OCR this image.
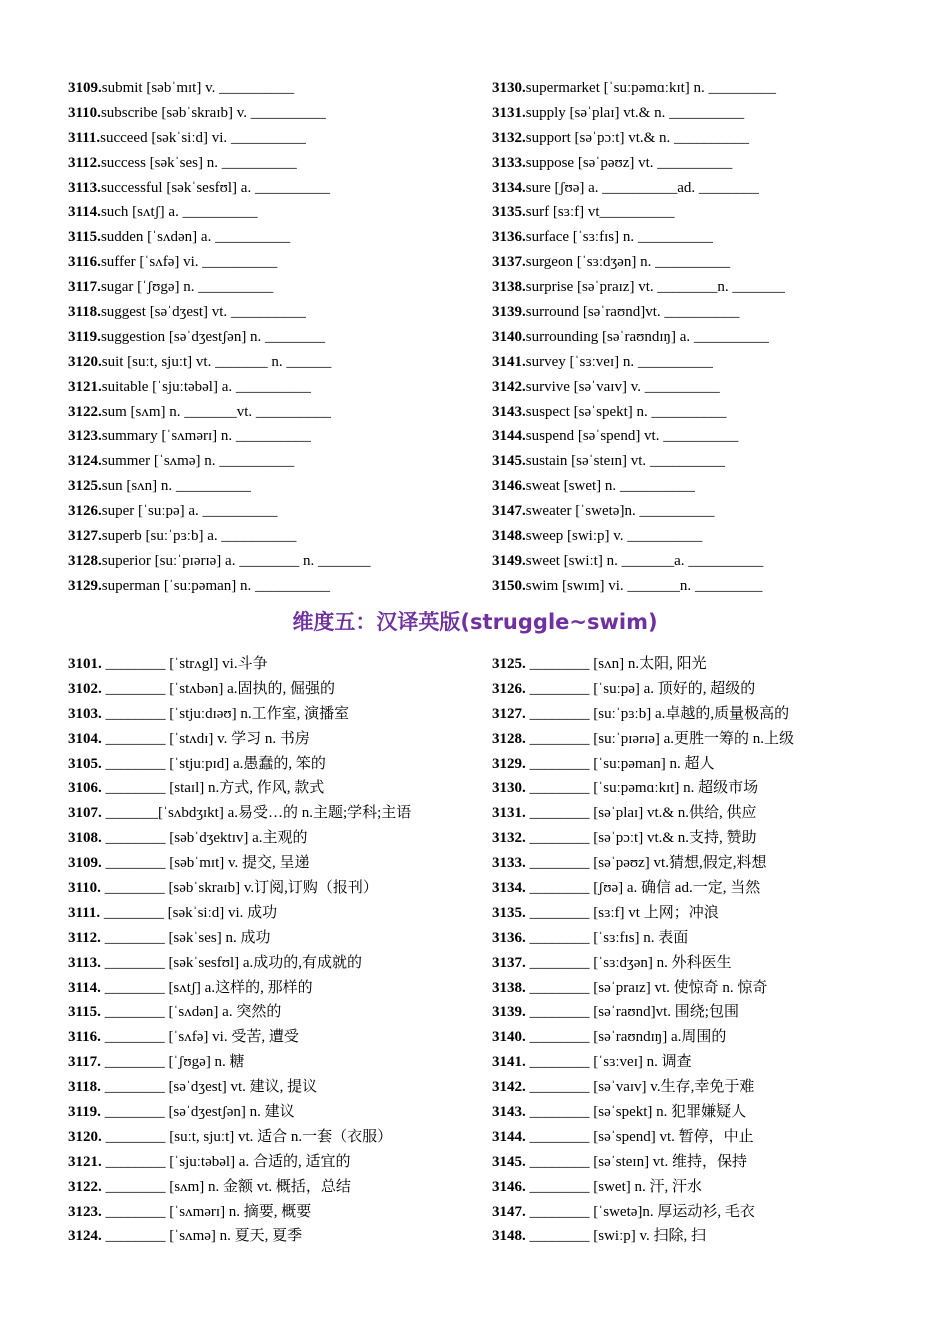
3109.submit [səbˈmɪt] v. __________
3110.subscribe [səbˈskraɪb] v. __________
3111.succeed [səkˈsiːd] vi. __________
3112.success [səkˈses] n. __________
3113.successful [səkˈsesfʊl] a. __________
3114.such [sʌtʃ] a. __________
3115.sudden [ˈsʌdən] a. __________
3116.suffer [ˈsʌfə] vi. __________
3117.sugar [ˈʃʊgə] n. __________
3118.suggest [səˈdʒest] vt. __________
3119.suggestion [səˈdʒestʃən] n. ________
3120.suit [suːt, sjuːt] vt. _______ n. ______
3121.suitable [ˈsjuːtəbəl] a. __________
3122.sum [sʌm] n. _______vt. __________
3123.summary [ˈsʌmərɪ] n. __________
3124.summer [ˈsʌmə] n. __________
3125.sun [sʌn] n. __________
3126.super [ˈsuːpə] a. __________
3127.superb [suːˈpɜːb] a. __________
3128.superior [suːˈpɪərɪə] a. ________ n. _______
3129.superman [ˈsuːpəman] n. __________
3130.supermarket [ˈsuːpəmɑːkɪt] n. _________
3131.supply [səˈplaɪ] vt.& n. __________
3132.support [səˈpɔːt] vt.& n. __________
3133.suppose [səˈpəʊz] vt. __________
3134.sure [ʃʊə] a. __________ad. ________
3135.surf [sɜːf] vt__________
3136.surface [ˈsɜːfɪs] n. __________
3137.surgeon [ˈsɜːdʒən] n. __________
3138.surprise [səˈpraɪz] vt. ________n. _______
3139.surround [səˈraʊnd]vt. __________
3140.surrounding [səˈraʊndɪŋ] a. __________
3141.survey [ˈsɜːveɪ] n. __________
3142.survive [səˈvaɪv] v. __________
3143.suspect [səˈspekt] n. __________
3144.suspend [səˈspend] vt. __________
3145.sustain [səˈsteɪn] vt. __________
3146.sweat [swet] n. __________
3147.sweater [ˈswetə]n. __________
3148.sweep [swiːp] v. __________
3149.sweet [swiːt] n. _______a. __________
3150.swim [swɪm] vi. _______n. _________
维度五：汉译英版(struggle~swim)
3101. ________ [ˈstrʌgl] vi.斗争
3102. ________ [ˈstʌbən] a.固执的, 倔强的
3103. ________ [ˈstjuːdɪəʊ] n.工作室, 演播室
3104. ________ [ˈstʌdɪ] v. 学习 n. 书房
3105. ________ [ˈstjuːpɪd] a.愚蠢的, 笨的
3106. ________ [staɪl] n.方式, 作风, 款式
3107. _______[ˈsʌbdʒɪkt] a.易受…的 n.主题;学科;主语
3108. ________ [səbˈdʒektɪv] a.主观的
3109. ________ [səbˈmɪt] v. 提交, 呈递
3110. ________ [səbˈskraɪb] v.订阅,订购（报刊）
3111. ________ [səkˈsiːd] vi. 成功
3112. ________ [səkˈses] n. 成功
3113. ________ [səkˈsesfʊl] a.成功的,有成就的
3114. ________ [sʌtʃ] a.这样的, 那样的
3115. ________ [ˈsʌdən] a. 突然的
3116. ________ [ˈsʌfə] vi. 受苦, 遭受
3117. ________ [ˈʃʊgə] n. 糖
3118. ________ [səˈdʒest] vt. 建议, 提议
3119. ________ [səˈdʒestʃən] n. 建议
3120. ________ [suːt, sjuːt] vt. 适合 n.一套（衣服）
3121. ________ [ˈsjuːtəbəl] a. 合适的, 适宜的
3122. ________ [sʌm] n. 金额 vt. 概括，总结
3123. ________ [ˈsʌmərɪ] n. 摘要, 概要
3124. ________ [ˈsʌmə] n. 夏天, 夏季
3125. ________ [sʌn] n.太阳, 阳光
3126. ________ [ˈsuːpə] a. 顶好的, 超级的
3127. ________ [suːˈpɜːb] a.卓越的,质量极高的
3128. ________ [suːˈpɪərɪə] a.更胜一筹的 n.上级
3129. ________ [ˈsuːpəman] n. 超人
3130. ________ [ˈsuːpəmɑːkɪt] n. 超级市场
3131. ________ [səˈplaɪ] vt.& n.供给, 供应
3132. ________ [səˈpɔːt] vt.& n.支持, 赞助
3133. ________ [səˈpəʊz] vt.猜想,假定,料想
3134. ________ [ʃʊə] a. 确信 ad.一定, 当然
3135. ________ [sɜːf] vt 上网；冲浪
3136. ________ [ˈsɜːfɪs] n. 表面
3137. ________ [ˈsɜːdʒən] n. 外科医生
3138. ________ [səˈpraɪz] vt. 使惊奇 n. 惊奇
3139. ________ [səˈraʊnd]vt. 围绕;包围
3140. ________ [səˈraʊndɪŋ] a.周围的
3141. ________ [ˈsɜːveɪ] n. 调查
3142. ________ [səˈvaɪv] v.生存,幸免于难
3143. ________ [səˈspekt] n. 犯罪嫌疑人
3144. ________ [səˈspend] vt. 暂停，中止
3145. ________ [səˈsteɪn] vt. 维持，保持
3146. ________ [swet] n. 汗, 汗水
3147. ________ [ˈswetə]n. 厚运动衫, 毛衣
3148. ________ [swiːp] v. 扫除, 扫
